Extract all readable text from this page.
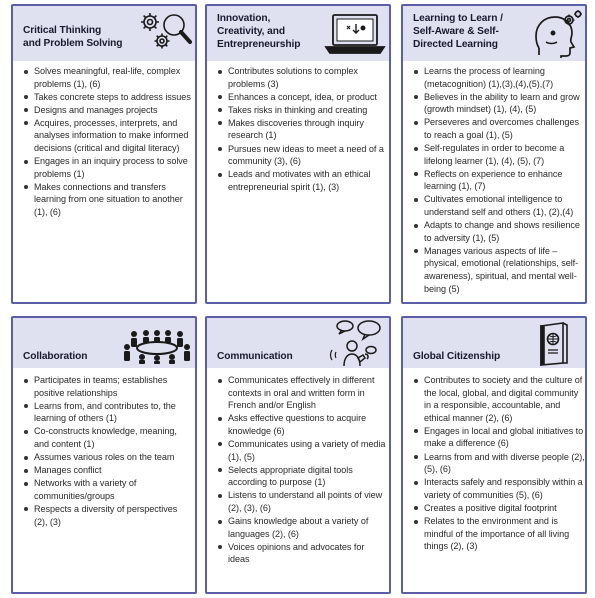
Critical Thinking
and Problem Solving
Solves meaningful, real-life, complex problems (1), (6)
Takes concrete steps to address issues
Designs and manages projects
Acquires, processes, interprets, and analyses information to make informed decisions (critical and digital literacy)
Engages in an inquiry process to solve problems (1)
Makes connections and transfers learning from one situation to another (1), (6)
Innovation,
Creativity, and
Entrepreneurship
Contributes solutions to complex problems (3)
Enhances a concept, idea, or product
Takes risks in thinking and creating
Makes discoveries through inquiry research (1)
Pursues new ideas to meet a need of a community (3), (6)
Leads and motivates with an ethical entrepreneurial spirit (1), (3)
Learning to Learn /
Self-Aware & Self-
Directed Learning
Learns the process of learning (metacognition) (1),(3),(4),(5),(7)
Believes in the ability to learn and grow (growth mindset) (1), (4), (5)
Perseveres and overcomes challenges to reach a goal (1), (5)
Self-regulates in order to become a lifelong learner (1), (4), (5), (7)
Reflects on experience to enhance learning (1), (7)
Cultivates emotional intelligence to understand self and others (1), (2),(4)
Adapts to change and shows resilience to adversity (1), (5)
Manages various aspects of life – physical, emotional (relationships, self-awareness), spiritual, and mental well-being (5)
Collaboration
Participates in teams; establishes positive relationships
Learns from, and contributes to, the learning of others (1)
Co-constructs knowledge, meaning, and content (1)
Assumes various roles on the team
Manages conflict
Networks with a variety of communities/groups
Respects a diversity of perspectives (2), (3)
Communication
Communicates effectively in different contexts in oral and written form in French and/or English
Asks effective questions to acquire knowledge (6)
Communicates using a variety of media (1), (5)
Selects appropriate digital tools according to purpose (1)
Listens to understand all points of view (2), (3), (6)
Gains knowledge about a variety of languages (2), (6)
Voices opinions and advocates for ideas
Global Citizenship
Contributes to society and the culture of the local, global, and digital community in a responsible, accountable, and ethical manner (2), (6)
Engages in local and global initiatives to make a difference (6)
Learns from and with diverse people (2), (5), (6)
Interacts safely and responsibly within a variety of communities (5), (6)
Creates a positive digital footprint
Relates to the environment and is mindful of the importance of all living things (2), (3)
